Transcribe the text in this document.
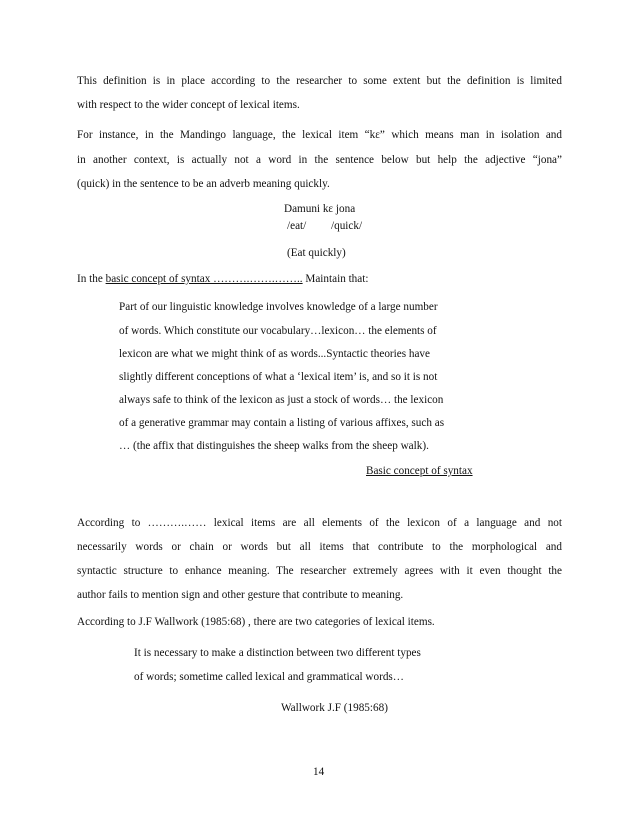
This definition is in place according to the researcher to some extent but the definition is limited
with respect to the wider concept of lexical items.
For instance, in the Mandingo language, the lexical item “kɛ” which means man in isolation and
in another context, is actually not a word in the sentence below but help the adjective “jona”
(quick) in the sentence to be an adverb meaning quickly.
Damuni kɛ jona
/eat/ /quick/
(Eat quickly)
In the basic concept of syntax ……….…….…….. Maintain that:
Part of our linguistic knowledge involves knowledge of a large number
of words. Which constitute our vocabulary…lexicon… the elements of
lexicon are what we might think of as words...Syntactic theories have
slightly different conceptions of what a ‘lexical item’ is, and so it is not
always safe to think of the lexicon as just a stock of words… the lexicon
of a generative grammar may contain a listing of various affixes, such as
… (the affix that distinguishes the sheep walks from the sheep walk).
Basic concept of syntax
According to ……….…… lexical items are all elements of the lexicon of a language and not
necessarily words or chain or words but all items that contribute to the morphological and
syntactic structure to enhance meaning. The researcher extremely agrees with it even thought the
author fails to mention sign and other gesture that contribute to meaning.
According to J.F Wallwork (1985:68) , there are two categories of lexical items.
It is necessary to make a distinction between two different types
of words; sometime called lexical and grammatical words…
Wallwork J.F (1985:68)
14
